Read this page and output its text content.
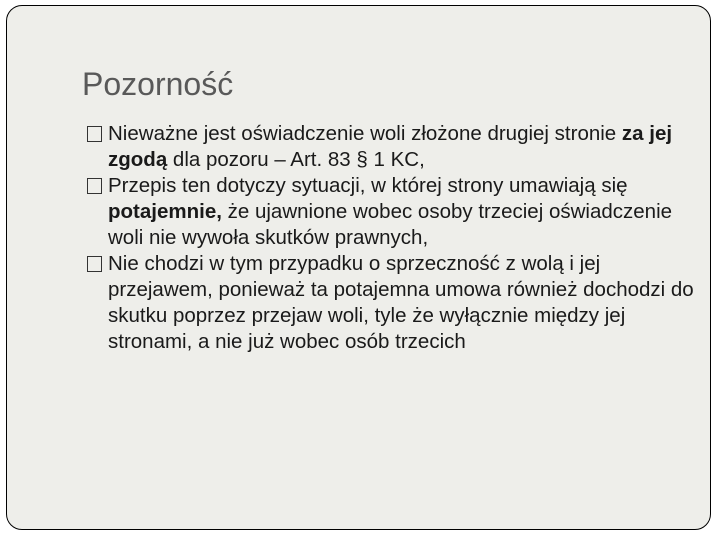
Pozorność
Nieważne jest oświadczenie woli złożone drugiej stronie za jej zgodą dla pozoru – Art. 83 § 1 KC,
Przepis ten dotyczy sytuacji, w której strony umawiają się potajemnie, że ujawnione wobec osoby trzeciej oświadczenie woli nie wywoła skutków prawnych,
Nie chodzi w tym przypadku o sprzeczność z wolą i jej przejawem, ponieważ ta potajemna umowa również dochodzi do skutku poprzez przejaw woli, tyle że wyłącznie między jej stronami, a nie już wobec osób trzecich
